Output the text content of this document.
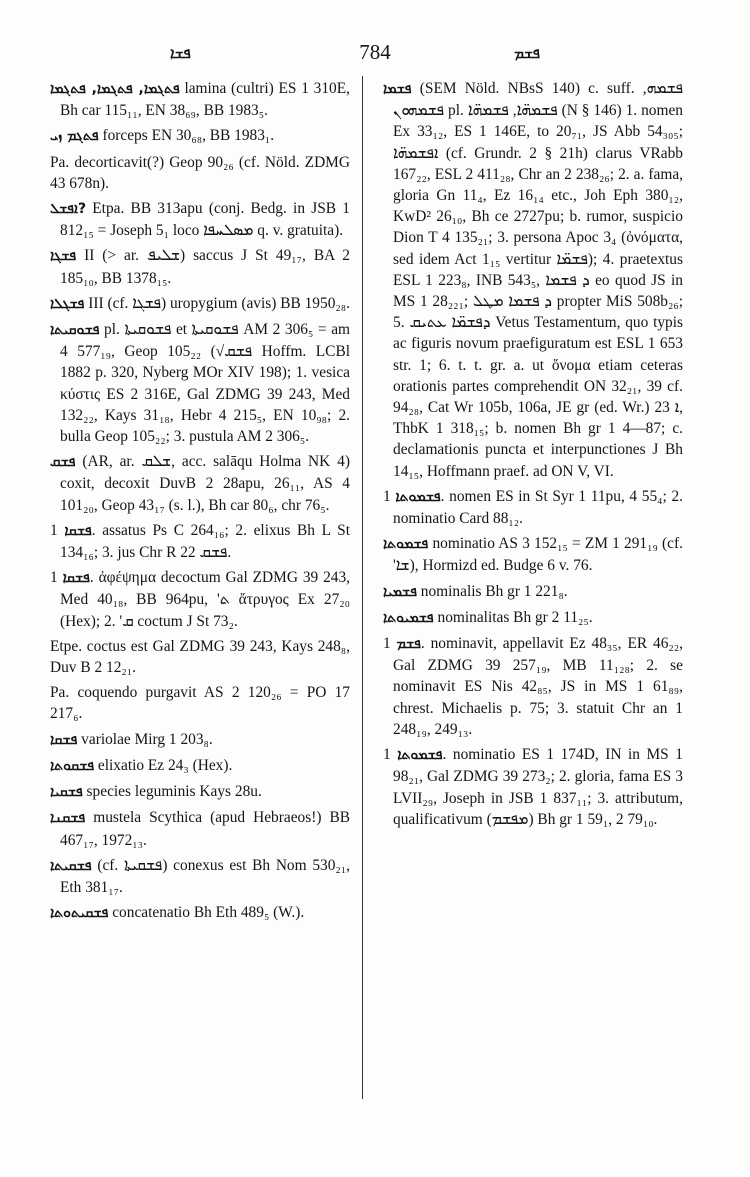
ܦܫܐ	784	ܦܫܡ
ܦܬܓܡܐ, ܦܬܓܡܐ, ܦܬܓܡܐ lamina (cultri) ES 1 310E, Bh car 115₁₁, EN 38₆₉, BB 1983₅.
ܦܬܓܡ ܙܝ forceps EN 30₆₈, BB 1983₁.
Pa. decorticavit(?) Geop 90₂₆ (cf. Nöld. ZDMG 43 678n).
ܐܦܫܠ? Etpa. BB 313apu (conj. Bedg. in JSB 1 812₁₅ = Joseph 5₁ loco ܡܣܠܚܦܐ q. v. gratuita).
ܦܫܓܐ II (> ar. ܫܠܝܦ) saccus J St 49₁₇, BA 2 185₁₀, BB 1378₁₅.
ܦܫܓܠܐ III (cf. ܦܫܓܐ) uropygium (avis) BB 1950₂₈.
ܦܫܘܩܝܬܐ pl. ܦܫܘܩܝܬܐ et ܦܫܘܩܝܬܐ AM 2 306₅ = am 4 577₁₉, Geop 105₂₂ (√ܦܫܩ Hoffm. LCBl 1882 p. 320, Nyberg MOr XIV 198); 1. vesica κύστις ES 2 316E, Gal ZDMG 39 243, Med 132₂₂, Kays 31₁₈, Hebr 4 215₅, EN 10₉₈; 2. bulla Geop 105₂₂; 3. pustula AM 2 306₅.
ܦܫܩ (AR, ar. ܫܠܩ, acc. salāqu Holma NK 4) coxit, decoxit DuvB 2 28apu, 26₁₁, AS 4 101₂₀, Geop 43₁₇ (s. l.), Bh car 80₆, chr 76₅.
ܦܫܩܐ 1. assatus Ps C 264₁₆; 2. elixus Bh L St 134₁₆; 3. jus Chr R ܦܫܩ 22.
ܦܫܩܐ 1. ἀφέψημα decoctum Gal ZDMG 39 243, Med 40₁₈, BB 964pu, 'ܬ ἄτρυγος Ex 27₂₀ (Hex); 2. 'ܩ coctum J St 73₂.
Etpe. coctus est Gal ZDMG 39 243, Kays 248₈, Duv B 2 12₂₁.
Pa. coquendo purgavit AS 2 120₂₆ = PO 17 217₆.
ܦܫܩܐ variolae Mirg 1 203₈.
ܦܫܩܘܬܐ elixatio Ez 24₃ (Hex).
ܦܫܩܝܐ species leguminis Kays 28u.
ܦܫܩܢܐ mustela Scythica (apud Hebraeos!) BB 467₁₇, 1972₁₃.
ܦܫܩܝܬܐ (cf. ܦܫܩܝܬܐ) conexus est Bh Nom 530₂₁, Eth 381₁₇.
ܦܫܩܝܬܘܬܐ concatenatio Bh Eth 489₅ (W.).
ܦܫܡܐ (SEM Nöld. NBsS 140) c. suff. ܦܫܡܗ, ܦܫܡܗܘܢ pl. ܦܫܡܗ̈ܐ, ܦܫܡܗ̈ܐ (N § 146) 1. nomen Ex 33₁₂, ES 1 146E, to 20₇₁, JS Abb 54₃₀₅; ܐܦܫܡܗ̈ܐ (cf. Grundr. 2 § 21h) clarus VRabb 167₂₂, ESL 2 411₂₈, Chr an 2 238₂₆; 2. a. fama, gloria Gn 11₄, Ez 16₁₄ etc., Joh Eph 380₁₂, KwD² 26₁₀, Bh ce 2727pu; b. rumor, suspicio Dion T 4 135₂₁; 3. persona Apoc 3₄ (ὀνόματα, sed idem Act 1₁₅ vertitur ܦܫܡ̈ܐ); 4. praetextus ESL 1 223₈, INB 543₅, ܕ ܦܫܡܐ eo quod JS in MS 1 28₂₂₁; ܕ ܦܫܡܐ ܡܛܠ propter MiS 508b₂₆; 5. ܕܦܫܡ̈ܐ ܥܬܝܩ Vetus Testamentum, quo typis ac figuris novum praefiguratum est ESL 1 653 str. 1; 6. t. t. gr. a. ut ὄνομα etiam ceteras orationis partes comprehendit ON 32₂₁, 39 cf. 94₂₈, Cat Wr 105b, 106a, JE gr (ed. Wr.) ܐ 23, ThbK 1 318₁₅; b. nomen Bh gr 1 4—87; c. declamationis puncta et interpunctiones J Bh 14₁₅, Hoffmann praef. ad ON V, VI.
ܦܫܡܘܬܐ 1. nomen ES in St Syr 1 11pu, 4 55₄; 2. nominatio Card 88₁₂.
ܦܫܡܘܬܐ nominatio AS 3 152₁₅ = ZM 1 291₁₉ (cf. 'ܫܐ), Hormizd ed. Budge 6 v. 76.
ܦܫܡܝܐ nominalis Bh gr 1 221₈.
ܦܫܡܝܘܬܐ nominalitas Bh gr 2 11₂₅.
ܦܫܡ 1. nominavit, appellavit Ez 48₃₅, ER 46₂₂, Gal ZDMG 39 257₁₉, MB 11₁₂₈; 2. se nominavit ES Nis 42₈₅, JS in MS 1 61₈₉, chrest. Michaelis p. 75; 3. statuit Chr an 1 248₁₉, 249₁₃.
ܦܫܡܘܬܐ 1. nominatio ES 1 174D, IN in MS 1 98₂₁, Gal ZDMG 39 273₂; 2. gloria, fama ES 3 LVII₂₉, Joseph in JSB 1 837₁₁; 3. attributum, qualificativum (ܡܦܫܡ) Bh gr 1 59₁, 2 79₁₀.
